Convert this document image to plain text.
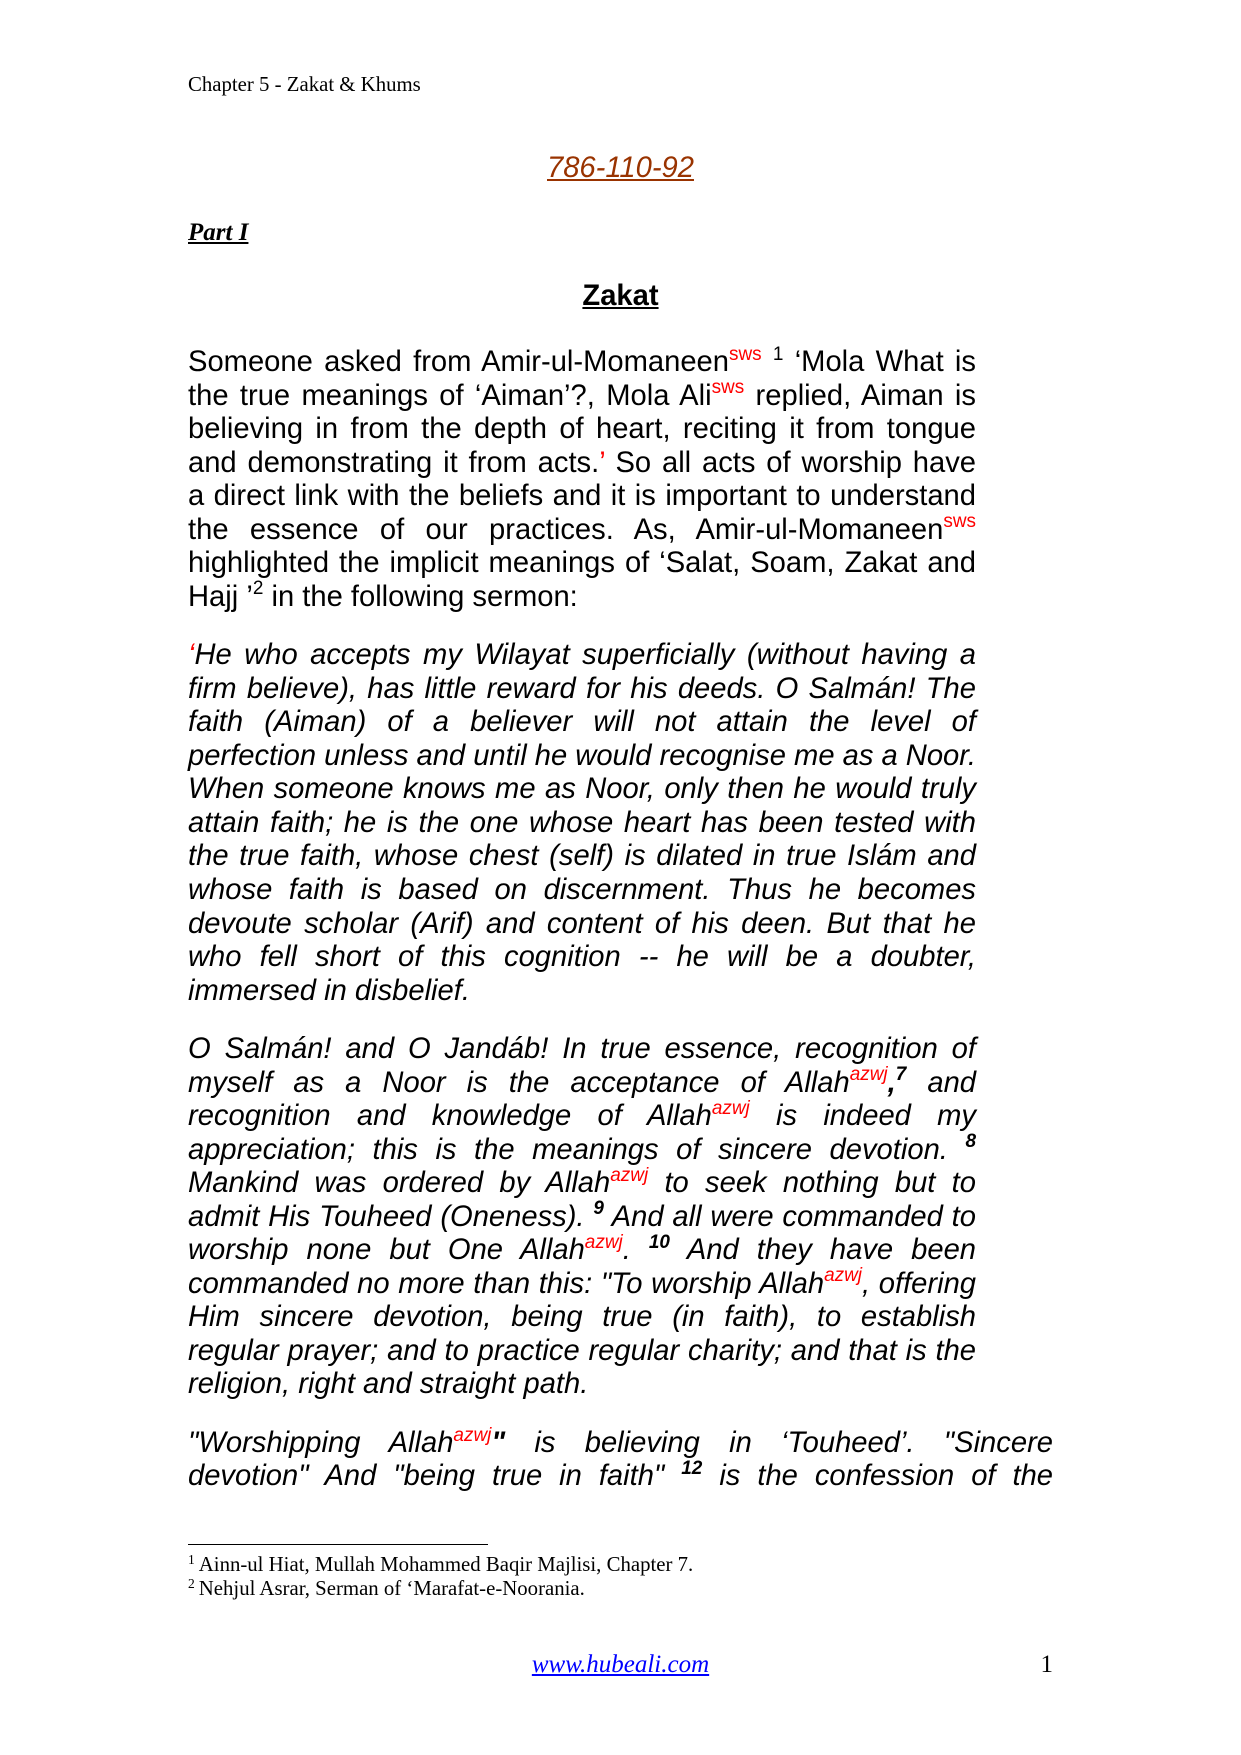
Chapter 5 - Zakat & Khums
786-110-92
Part I
Zakat
Someone asked from Amir-ul-Momaneen$^{sws}$ $^1$ ‘Mola What is
the true meanings of ‘Aiman’?, Mola Ali$^{sws}$ replied, Aiman is
believing in from the depth of heart, reciting it from tongue
and demonstrating it from acts.’ So all acts of worship have
a direct link with the beliefs and it is important to understand
the essence of our practices. As, Amir-ul-Momaneen$^{sws}$
highlighted the implicit meanings of ‘Salat, Soam, Zakat and
Hajj ’$^2$ in the following sermon:
‘He who accepts my Wilayat superficially (without having a
firm believe), has little reward for his deeds. O Salmán! The
faith (Aiman) of a believer will not attain the level of
perfection unless and until he would recognise me as a Noor.
When someone knows me as Noor, only then he would truly
attain faith; he is the one whose heart has been tested with
the true faith, whose chest (self) is dilated in true Islám and
whose faith is based on discernment. Thus he becomes
devoute scholar (Arif) and content of his deen. But that he
who fell short of this cognition -- he will be a doubter,
immersed in disbelief.
O Salmán! and O Jandáb! In true essence, recognition of
myself as a Noor is the acceptance of Allah$^{azwj}$,$^7$ and
recognition and knowledge of Allah$^{azwj}$ is indeed my
appreciation; this is the meanings of sincere devotion. $^8$
Mankind was ordered by Allah$^{azwj}$ to seek nothing but to
admit His Touheed (Oneness). $^9$ And all were commanded to
worship none but One Allah$^{azwj}$. $^{10}$ And they have been
commanded no more than this: "To worship Allah$^{azwj}$, offering
Him sincere devotion, being true (in faith), to establish
regular prayer; and to practice regular charity; and that is the
religion, right and straight path.
"Worshipping Allah$^{azwj}$" is believing in ‘Touheed’. "Sincere
devotion" And "being true in faith" $^{12}$ is the confession of the
$^1$ Ainn-ul Hiat, Mullah Mohammed Baqir Majlisi, Chapter 7.
$^2$ Nehjul Asrar, Serman of ‘Marafat-e-Noorania.
www.hubeali.com	1
